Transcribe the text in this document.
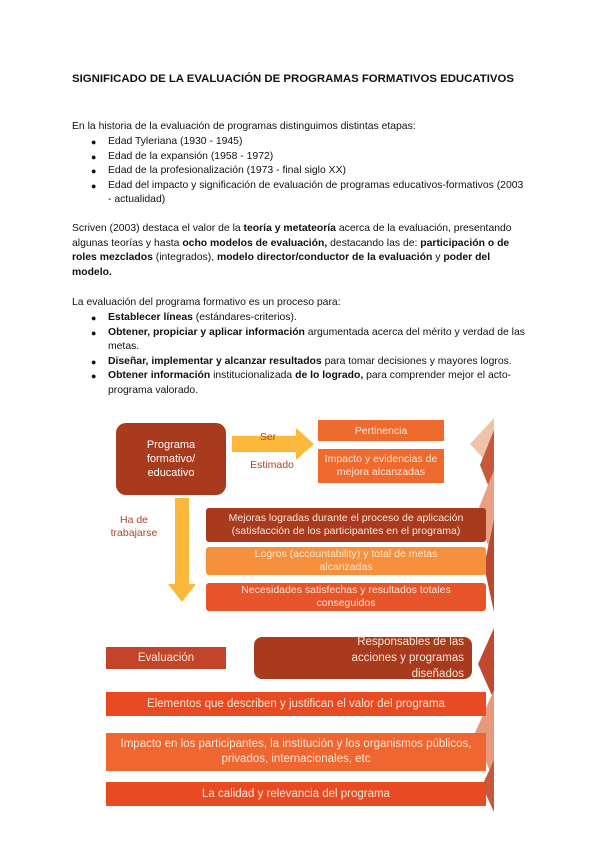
SIGNIFICADO DE LA EVALUACIÓN DE PROGRAMAS FORMATIVOS EDUCATIVOS
En la historia de la evaluación de programas distinguimos distintas etapas:
● Edad Tyleriana (1930 - 1945)
● Edad de la expansión (1958 - 1972)
● Edad de la profesionalización (1973 - final siglo XX)
● Edad del impacto y significación de evaluación de programas educativos-formativos (2003 - actualidad)
Scriven (2003) destaca el valor de la teoría y metateoría acerca de la evaluación, presentando algunas teorías y hasta ocho modelos de evaluación, destacando las de: participación o de roles mezclados (integrados), modelo director/conductor de la evaluación y poder del modelo.
La evaluación del programa formativo es un proceso para:
● Establecer líneas (estándares-criterios).
● Obtener, propiciar y aplicar información argumentada acerca del mérito y verdad de las metas.
● Diseñar, implementar y alcanzar resultados para tomar decisiones y mayores logros.
● Obtener información institucionalizada de lo logrado, para comprender mejor el acto-programa valorado.
Programa formativo/ educativo
Ser
Estimado
Pertinencia
Impacto y evidencias de mejora alcanzadas
Ha de trabajarse
Mejoras logradas durante el proceso de aplicación (satisfacción de los participantes en el programa)
Logros (accountability) y total de metas alcanzadas
Necesidades satisfechas y resultados totales conseguidos
Evaluación
Responsables de las acciones y programas diseñados
Elementos que describen y justifican el valor del programa
Impacto en los participantes, la institución y los organismos públicos, privados, internacionales, etc
La calidad y relevancia del programa
